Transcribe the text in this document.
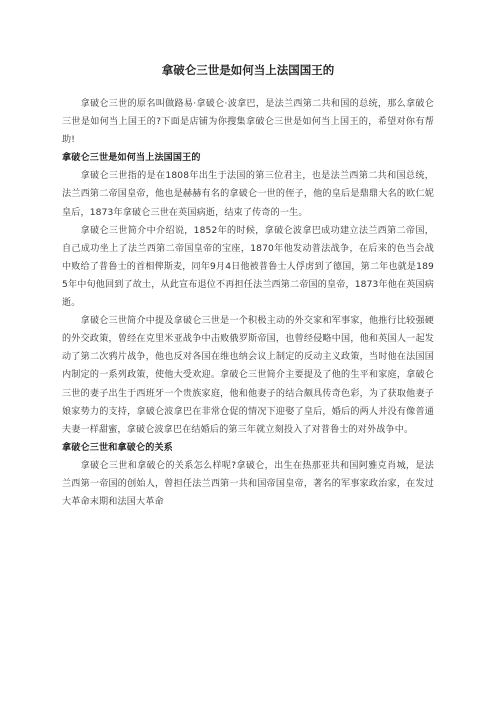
拿破仑三世是如何当上法国国王的

拿破仑三世的原名叫做路易·拿破仑·波拿巴，是法兰西第二共和国的总统，那么拿破仑三世是如何当上国王的?下面是店铺为你搜集拿破仑三世是如何当上国王的，希望对你有帮助!

拿破仑三世是如何当上法国国王的

拿破仑三世指的是在1808年出生于法国的第三位君主，也是法兰西第二共和国总统，法兰西第二帝国皇帝，他也是赫赫有名的拿破仑一世的侄子，他的皇后是鼎鼎大名的欧仁妮皇后，1873年拿破仑三世在英国病逝，结束了传奇的一生。

拿破仑三世简介中介绍说，1852年的时候，拿破仑波拿巴成功建立法兰西第二帝国，自己成功坐上了法兰西第二帝国皇帝的宝座，1870年他发动普法战争，在后来的色当会战中败给了普鲁士的首相俾斯麦，同年9月4日他被普鲁士人俘虏到了德国，第二年也就是1895年中旬他回到了故土，从此宣布退位不再担任法兰西第二帝国的皇帝，1873年他在英国病逝。

拿破仑三世简介中提及拿破仑三世是一个积极主动的外交家和军事家，他推行比较强硬的外交政策，曾经在克里米亚战争中击败俄罗斯帝国，也曾经侵略中国，他和英国人一起发动了第二次鸦片战争，他也反对各国在维也纳会议上制定的反动主义政策，当时他在法国国内制定的一系列政策，使他大受欢迎。拿破仑三世简介主要提及了他的生平和家庭，拿破仑三世的妻子出生于西班牙一个贵族家庭，他和他妻子的结合颇具传奇色彩，为了获取他妻子娘家势力的支持，拿破仑波拿巴在非常仓促的情况下迎娶了皇后，婚后的两人并没有像普通夫妻一样甜蜜，拿破仑波拿巴在结婚后的第三年就立刻投入了对普鲁士的对外战争中。

拿破仑三世和拿破仑的关系

拿破仑三世和拿破仑的关系怎么样呢?拿破仑，出生在热那亚共和国阿雅克肖城，是法兰西第一帝国的创始人，曾担任法兰西第一共和国帝国皇帝，著名的军事家政治家，在发过大革命末期和法国大革命
